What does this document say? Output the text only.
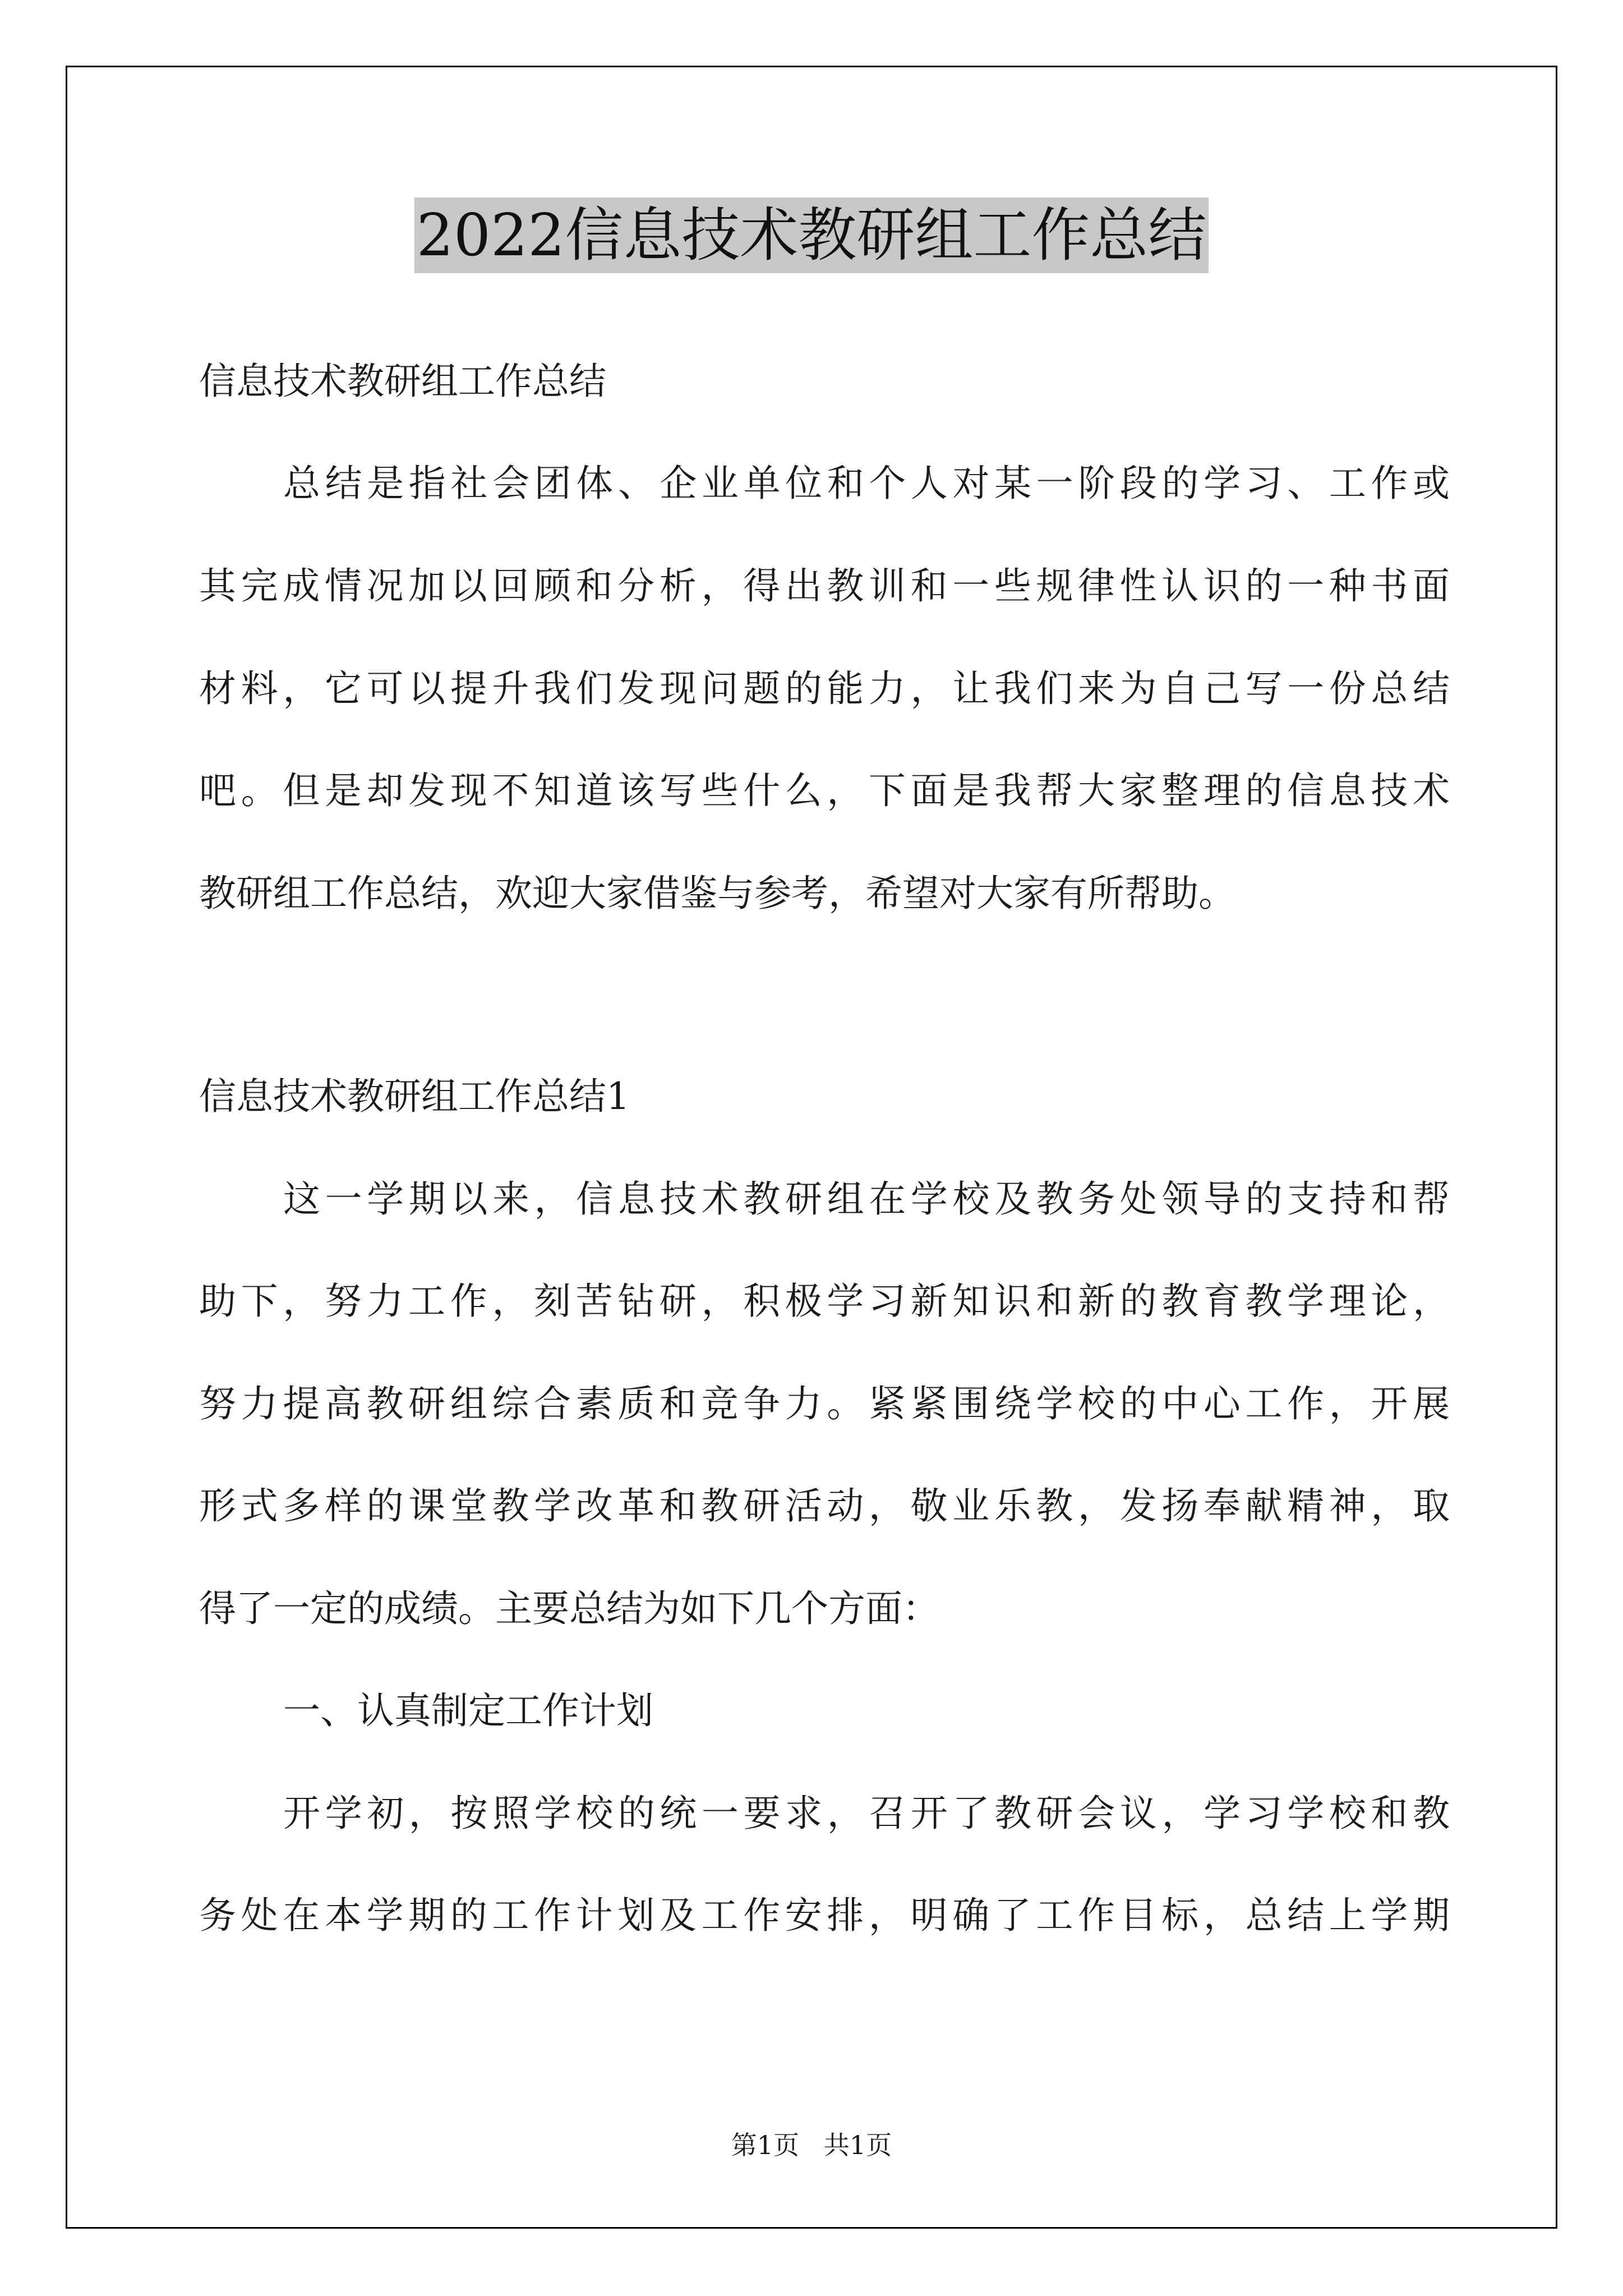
2022信息技术教研组工作总结

信息技术教研组工作总结

总结是指社会团体、企业单位和个人对某一阶段的学习、工作或

其完成情况加以回顾和分析，得出教训和一些规律性认识的一种书面

材料，它可以提升我们发现问题的能力，让我们来为自己写一份总结

吧。但是却发现不知道该写些什么，下面是我帮大家整理的信息技术

教研组工作总结，欢迎大家借鉴与参考，希望对大家有所帮助。

信息技术教研组工作总结1

这一学期以来，信息技术教研组在学校及教务处领导的支持和帮

助下，努力工作，刻苦钻研，积极学习新知识和新的教育教学理论，

努力提高教研组综合素质和竞争力。紧紧围绕学校的中心工作，开展

形式多样的课堂教学改革和教研活动，敬业乐教，发扬奉献精神，取

得了一定的成绩。主要总结为如下几个方面：

一、认真制定工作计划

开学初，按照学校的统一要求，召开了教研会议，学习学校和教

务处在本学期的工作计划及工作安排，明确了工作目标，总结上学期

第1页   共1页
